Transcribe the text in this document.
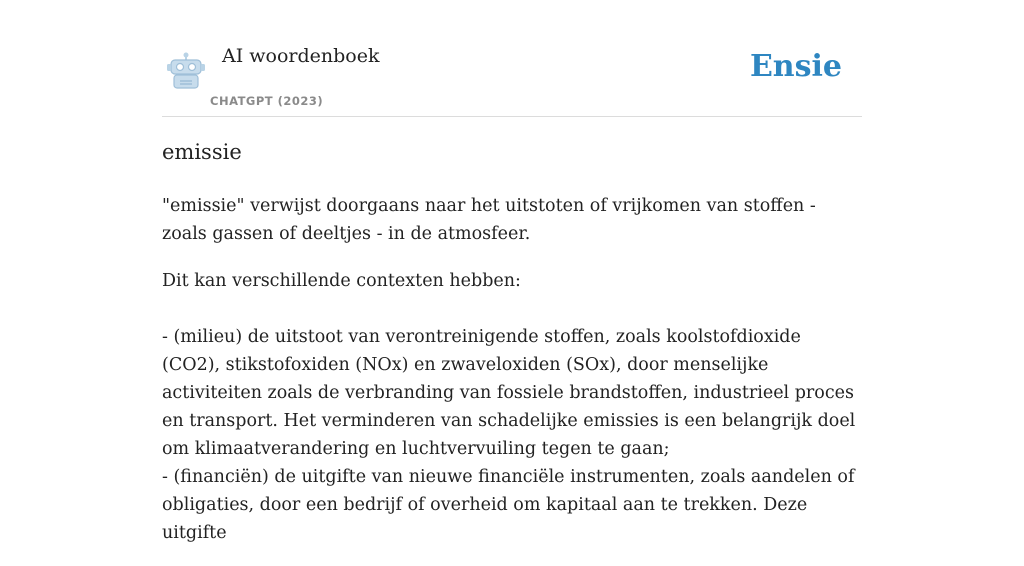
AI woordenboek
CHATGPT (2023)
Ensie
emissie

"emissie" verwijst doorgaans naar het uitstoten of vrijkomen van stoffen - zoals gassen of deeltjes - in de atmosfeer.

Dit kan verschillende contexten hebben:

- (milieu) de uitstoot van verontreinigende stoffen, zoals koolstofdioxide (CO2), stikstofoxiden (NOx) en zwaveloxiden (SOx), door menselijke activiteiten zoals de verbranding van fossiele brandstoffen, industrieel proces en transport. Het verminderen van schadelijke emissies is een belangrijk doel om klimaatverandering en luchtvervuiling tegen te gaan;
- (financiën) de uitgifte van nieuwe financiële instrumenten, zoals aandelen of obligaties, door een bedrijf of overheid om kapitaal aan te trekken. Deze uitgifte
